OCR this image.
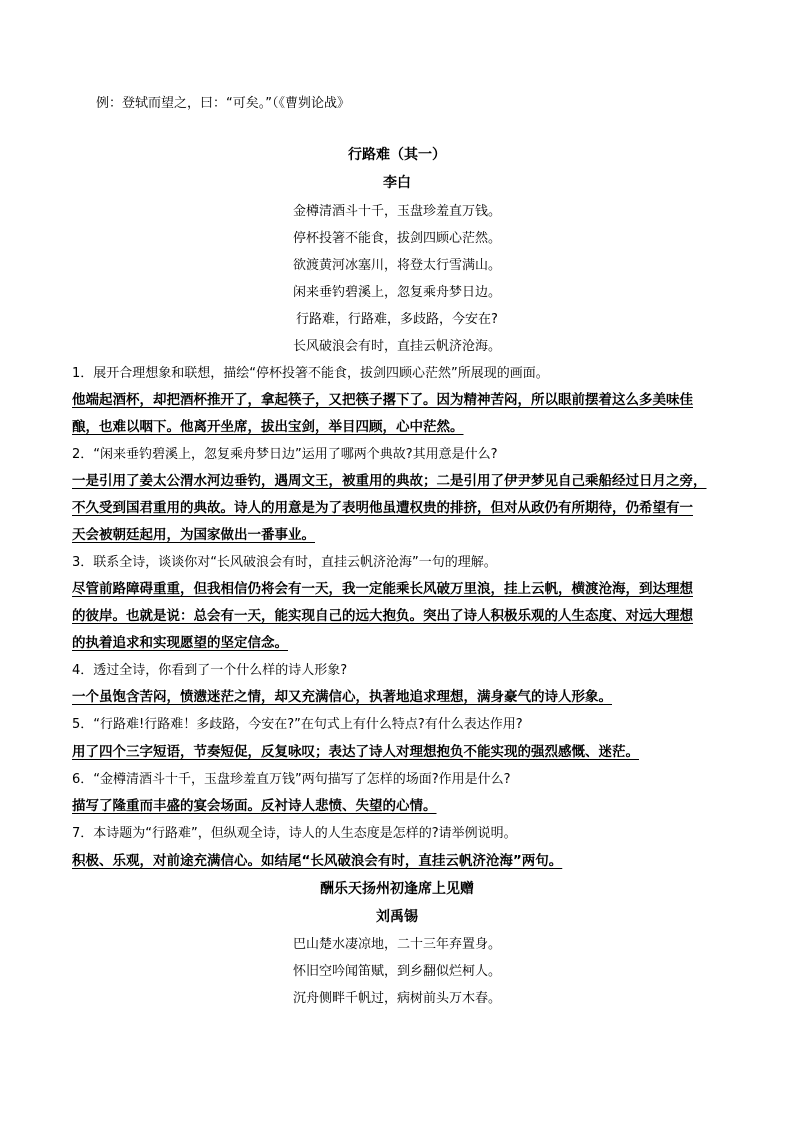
例：登轼而望之，曰：“可矣。”（《曹刿论战》
行路难（其一）
李白
金樽清酒斗十千，玉盘珍羞直万钱。
停杯投箸不能食，拔剑四顾心茫然。
欲渡黄河冰塞川，将登太行雪满山。
闲来垂钓碧溪上，忽复乘舟梦日边。
行路难，行路难，多歧路，今安在?
长风破浪会有时，直挂云帆济沧海。
1．展开合理想象和联想，描绘“停杯投箸不能食，拔剑四顾心茫然”所展现的画面。
他端起酒杯，却把酒杯推开了，拿起筷子，又把筷子撂下了。因为精神苦闷，所以眼前摆着这么多美味佳
酿，也难以咽下。他离开坐席，拔出宝剑，举目四顾，心中茫然。
2．“闲来垂钓碧溪上，忽复乘舟梦日边”运用了哪两个典故?其用意是什么?
一是引用了姜太公渭水河边垂钓，遇周文王，被重用的典故；二是引用了伊尹梦见自己乘船经过日月之旁，
不久受到国君重用的典故。诗人的用意是为了表明他虽遭权贵的排挤，但对从政仍有所期待，仍希望有一
天会被朝廷起用，为国家做出一番事业。
3．联系全诗，谈谈你对“长风破浪会有时，直挂云帆济沧海”一句的理解。
尽管前路障碍重重，但我相信仍将会有一天，我一定能乘长风破万里浪，挂上云帆，横渡沧海，到达理想
的彼岸。也就是说：总会有一天，能实现自己的远大抱负。突出了诗人积极乐观的人生态度、对远大理想
的执着追求和实现愿望的坚定信念。
4．透过全诗，你看到了一个什么样的诗人形象?
一个虽饱含苦闷，愤懑迷茫之情，却又充满信心，执著地追求理想，满身豪气的诗人形象。
5．“行路难!行路难！多歧路，今安在?”在句式上有什么特点?有什么表达作用?
用了四个三字短语，节奏短促，反复咏叹；表达了诗人对理想抱负不能实现的强烈感慨、迷茫。
6．“金樽清酒斗十千，玉盘珍羞直万钱”两句描写了怎样的场面?作用是什么?
描写了隆重而丰盛的宴会场面。反衬诗人悲愤、失望的心情。
7．本诗题为“行路难”，但纵观全诗，诗人的人生态度是怎样的?请举例说明。
积极、乐观，对前途充满信心。如结尾“长风破浪会有时，直挂云帆济沧海”两句。
酬乐天扬州初逢席上见赠
刘禹锡
巴山楚水凄凉地，二十三年弃置身。
怀旧空吟闻笛赋，到乡翻似烂柯人。
沉舟侧畔千帆过，病树前头万木春。
